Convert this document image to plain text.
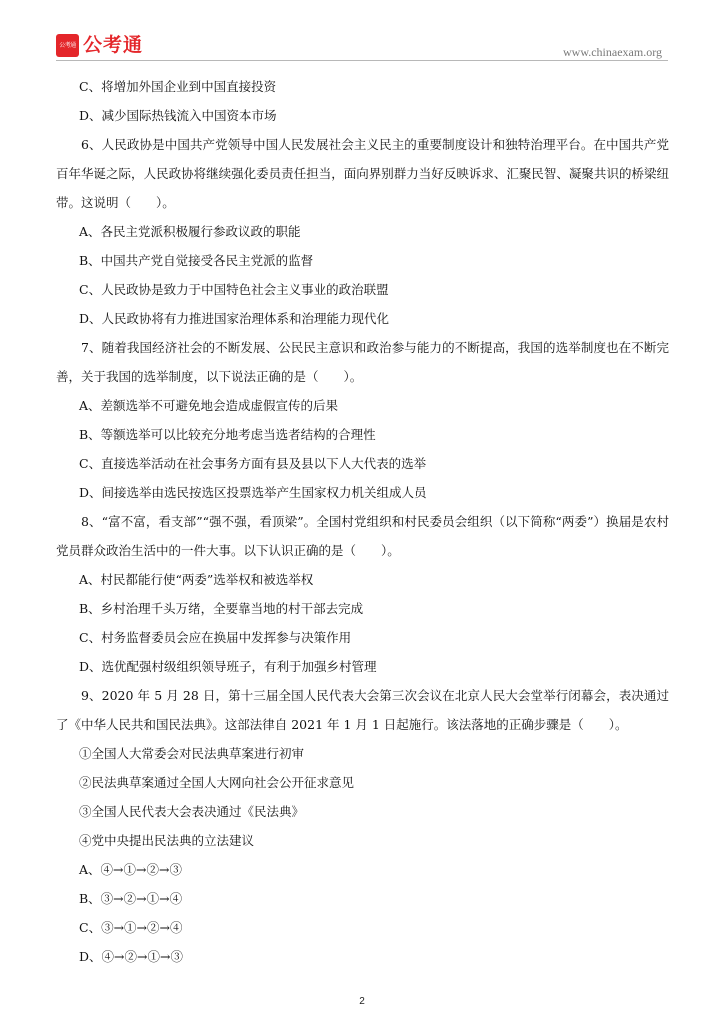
公考通 公考通	www.chinaexam.org

C、将增加外国企业到中国直接投资

D、减少国际热钱流入中国资本市场

6、人民政协是中国共产党领导中国人民发展社会主义民主的重要制度设计和独特治理平台。在中国共产党百年华诞之际，人民政协将继续强化委员责任担当，面向界别群力当好反映诉求、汇聚民智、凝聚共识的桥梁纽带。这说明（　　）。

A、各民主党派积极履行参政议政的职能

B、中国共产党自觉接受各民主党派的监督

C、人民政协是致力于中国特色社会主义事业的政治联盟

D、人民政协将有力推进国家治理体系和治理能力现代化

7、随着我国经济社会的不断发展、公民民主意识和政治参与能力的不断提高，我国的选举制度也在不断完善，关于我国的选举制度，以下说法正确的是（　　）。

A、差额选举不可避免地会造成虚假宣传的后果

B、等额选举可以比较充分地考虑当选者结构的合理性

C、直接选举活动在社会事务方面有县及县以下人大代表的选举

D、间接选举由选民按选区投票选举产生国家权力机关组成人员

8、“富不富，看支部”“强不强，看顶梁”。全国村党组织和村民委员会组织（以下简称“两委”）换届是农村党员群众政治生活中的一件大事。以下认识正确的是（　　）。

A、村民都能行使“两委”选举权和被选举权

B、乡村治理千头万绪，全要靠当地的村干部去完成

C、村务监督委员会应在换届中发挥参与决策作用

D、选优配强村级组织领导班子，有利于加强乡村管理

9、2020 年 5 月 28 日，第十三届全国人民代表大会第三次会议在北京人民大会堂举行闭幕会，表决通过了《中华人民共和国民法典》。这部法律自 2021 年 1 月 1 日起施行。该法落地的正确步骤是（　　）。

①全国人大常委会对民法典草案进行初审

②民法典草案通过全国人大网向社会公开征求意见

③全国人民代表大会表决通过《民法典》

④党中央提出民法典的立法建议

A、④→①→②→③

B、③→②→①→④

C、③→①→②→④

D、④→②→①→③

2
